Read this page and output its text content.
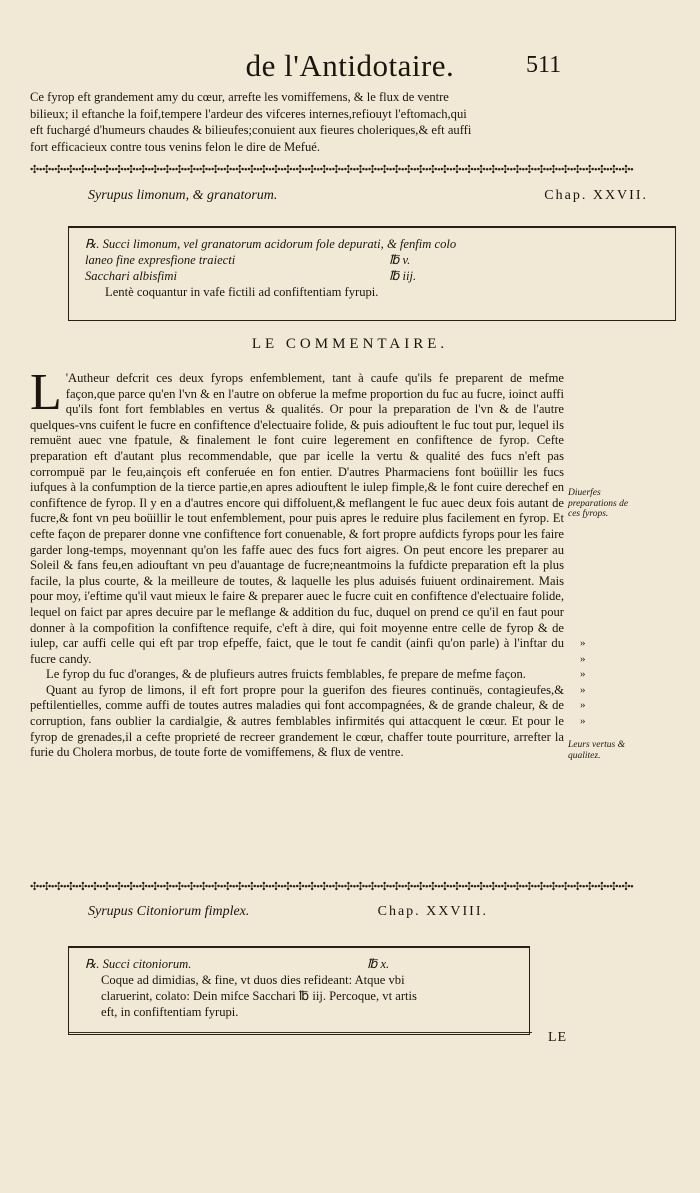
de l'Antidotaire.	511

Ce fyrop eft grandement amy du cœur, arrefte les vomiffemens, & le flux de ventre

bilieux; il eftanche la foif,tempere l'ardeur des vifceres internes,refiouyt l'eftomach,qui

eft fuchargé d'humeurs chaudes & bilieufes;conuient aux fieures choleriques,& eft auffi

fort efficacieux contre tous venins felon le dire de Mefué.

✣•✣•✣•✣•✣•✣•✣•✣•✣•✣•✣•✣•✣•✣•✣•✣•✣•✣•✣•✣•✣•✣•✣•✣•✣•✣•✣•✣•✣•✣•✣•✣•✣•✣•✣•✣•✣•✣•✣•✣•✣•✣•✣•✣•✣•✣•✣•✣•✣•✣•
Syrupus limonum, & granatorum.	Chap. XXVII.
℞. Succi limonum, vel granatorum acidorum fole depurati, & fenfim colo
laneo fine expresfione traiecti	℔ v.
Sacchari albisfimi	℔ iij.
Lentè coquantur in vafe fictili ad confiftentiam fyrupi.
LE COMMENTAIRE.

L 'Autheur defcrit ces deux fyrops enfemblement, tant à caufe qu'ils fe preparent de mefme façon,que parce qu'en l'vn & en l'autre on obferue la mefme proportion du fuc au fucre, ioinct auffi qu'ils font fort femblables en vertus & qualités. Or pour la preparation de l'vn & de l'autre quelques-vns cuifent le fucre en confiftence d'electuaire folide, & puis adiouftent le fuc tout pur, lequel ils remuënt auec vne fpatule, & finalement le font cuire legerement en confiftence de fyrop. Cefte preparation eft d'autant plus recommendable, que par icelle la vertu & qualité des fucs n'eft pas corrompuë par le feu,ainçois eft conferuée en fon entier. D'autres Pharmaciens font boüillir les fucs iufques à la confumption de la tierce partie,en apres adiouftent le iulep fimple,& le font cuire derechef en confiftence de fyrop. Il y en a d'autres encore qui diffoluent,& meflangent le fuc auec deux fois autant de fucre,& font vn peu boüillir le tout enfemblement, pour puis apres le reduire plus facilement en fyrop. Et cefte façon de preparer donne vne confiftence fort conuenable, & fort propre aufdicts fyrops pour les faire garder long-temps, moyennant qu'on les faffe auec des fucs fort aigres. On peut encore les preparer au Soleil & fans feu,en adiouftant vn peu d'auantage de fucre;neantmoins la fufdicte preparation eft la plus facile, la plus courte, & la meilleure de toutes, & laquelle les plus aduisés fuiuent ordinairement. Mais pour moy, i'eftime qu'il vaut mieux le faire & preparer auec le fucre cuit en confiftence d'electuaire folide, lequel on faict par apres decuire par le meflange & addition du fuc, duquel on prend ce qu'il en faut pour donner à la compofition la confiftence requife, c'eft à dire, qui foit moyenne entre celle de fyrop & de iulep, car auffi celle qui eft par trop efpeffe, faict, que le tout fe candit (ainfi qu'on parle) à l'inftar du fucre candy.

Le fyrop du fuc d'oranges, & de plufieurs autres fruicts femblables, fe prepare de mefme façon.

Quant au fyrop de limons, il eft fort propre pour la guerifon des fieures continuës, contagieufes,& peftilentielles, comme auffi de toutes autres maladies qui font accompagnées, & de grande chaleur, & de corruption, fans oublier la cardialgie, & autres femblables infirmités qui attacquent le cœur. Et pour le fyrop de grenades,il a cefte proprieté de recreer grandement le cœur, chaffer toute pourriture, arrefter la furie du Cholera morbus, de toute forte de vomiffemens, & flux de ventre.

Diuerfes preparations de ces fyrops.
»
»
»
»
»
»
Leurs vertus & qualitez.
✣•✣•✣•✣•✣•✣•✣•✣•✣•✣•✣•✣•✣•✣•✣•✣•✣•✣•✣•✣•✣•✣•✣•✣•✣•✣•✣•✣•✣•✣•✣•✣•✣•✣•✣•✣•✣•✣•✣•✣•✣•✣•✣•✣•✣•✣•✣•✣•✣•✣•
Syrupus Citoniorum fimplex.	Chap. XXVIII.
℞. Succi citoniorum.	℔ x.
Coque ad dimidias, & fine, vt duos dies refideant: Atque vbi
claruerint, colato: Dein mifce Sacchari ℔ iij. Percoque, vt artis
eft, in confiftentiam fyrupi.
LE
